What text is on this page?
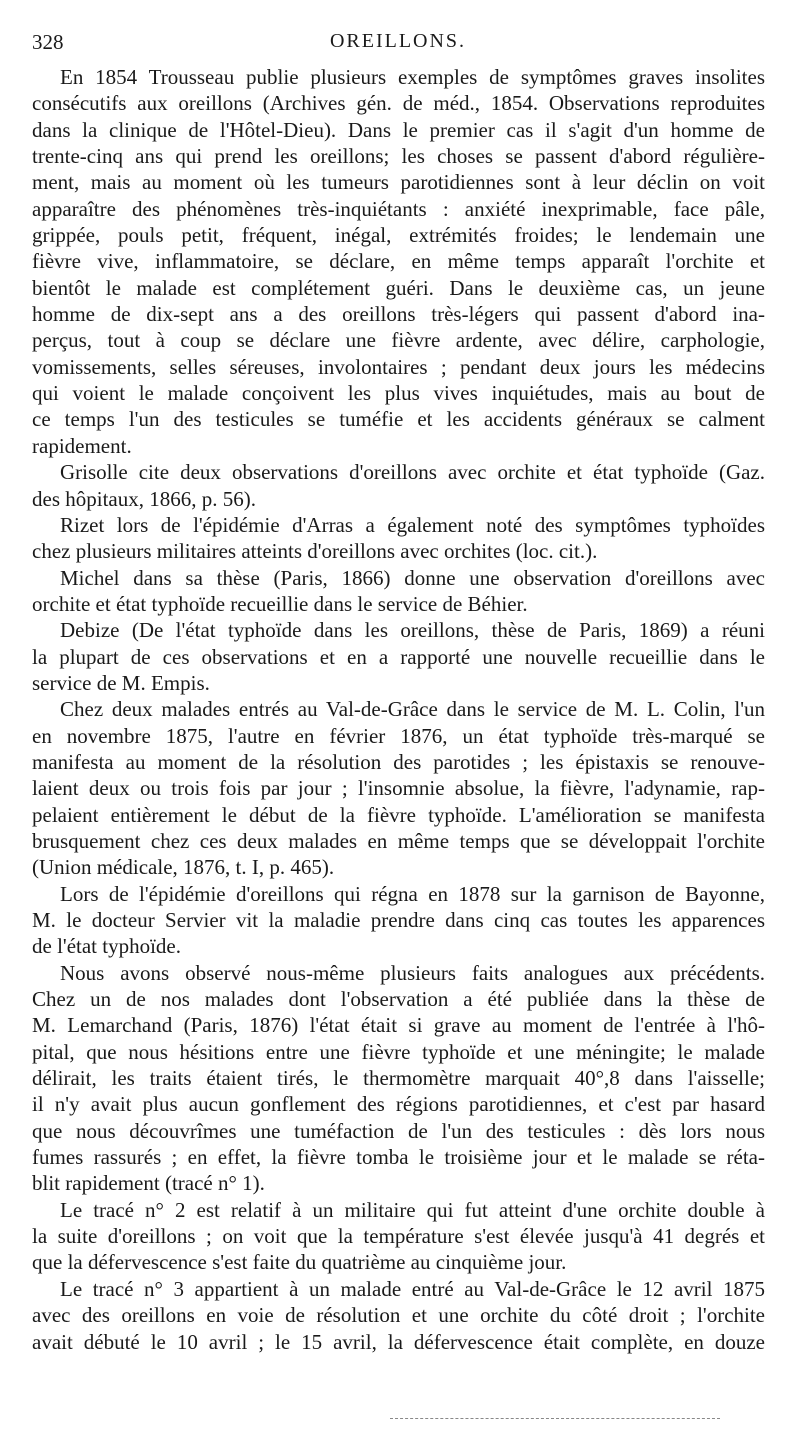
328	OREILLONS.
En 1854 Trousseau publie plusieurs exemples de symptômes graves insolites
consécutifs aux oreillons (Archives gén. de méd., 1854. Observations reproduites
dans la clinique de l'Hôtel-Dieu). Dans le premier cas il s'agit d'un homme de
trente-cinq ans qui prend les oreillons; les choses se passent d'abord régulière-
ment, mais au moment où les tumeurs parotidiennes sont à leur déclin on voit
apparaître des phénomènes très-inquiétants : anxiété inexprimable, face pâle,
grippée, pouls petit, fréquent, inégal, extrémités froides; le lendemain une
fièvre vive, inflammatoire, se déclare, en même temps apparaît l'orchite et
bientôt le malade est complétement guéri. Dans le deuxième cas, un jeune
homme de dix-sept ans a des oreillons très-légers qui passent d'abord ina-
perçus, tout à coup se déclare une fièvre ardente, avec délire, carphologie,
vomissements, selles séreuses, involontaires ; pendant deux jours les médecins
qui voient le malade conçoivent les plus vives inquiétudes, mais au bout de
ce temps l'un des testicules se tuméfie et les accidents généraux se calment
rapidement.
Grisolle cite deux observations d'oreillons avec orchite et état typhoïde (Gaz.
des hôpitaux, 1866, p. 56).
Rizet lors de l'épidémie d'Arras a également noté des symptômes typhoïdes
chez plusieurs militaires atteints d'oreillons avec orchites (loc. cit.).
Michel dans sa thèse (Paris, 1866) donne une observation d'oreillons avec
orchite et état typhoïde recueillie dans le service de Béhier.
Debize (De l'état typhoïde dans les oreillons, thèse de Paris, 1869) a réuni
la plupart de ces observations et en a rapporté une nouvelle recueillie dans le
service de M. Empis.
Chez deux malades entrés au Val-de-Grâce dans le service de M. L. Colin, l'un
en novembre 1875, l'autre en février 1876, un état typhoïde très-marqué se
manifesta au moment de la résolution des parotides ; les épistaxis se renouve-
laient deux ou trois fois par jour ; l'insomnie absolue, la fièvre, l'adynamie, rap-
pelaient entièrement le début de la fièvre typhoïde. L'amélioration se manifesta
brusquement chez ces deux malades en même temps que se développait l'orchite
(Union médicale, 1876, t. I, p. 465).
Lors de l'épidémie d'oreillons qui régna en 1878 sur la garnison de Bayonne,
M. le docteur Servier vit la maladie prendre dans cinq cas toutes les apparences
de l'état typhoïde.
Nous avons observé nous-même plusieurs faits analogues aux précédents.
Chez un de nos malades dont l'observation a été publiée dans la thèse de
M. Lemarchand (Paris, 1876) l'état était si grave au moment de l'entrée à l'hô-
pital, que nous hésitions entre une fièvre typhoïde et une méningite; le malade
délirait, les traits étaient tirés, le thermomètre marquait 40°,8 dans l'aisselle;
il n'y avait plus aucun gonflement des régions parotidiennes, et c'est par hasard
que nous découvrîmes une tuméfaction de l'un des testicules : dès lors nous
fumes rassurés ; en effet, la fièvre tomba le troisième jour et le malade se réta-
blit rapidement (tracé n° 1).
Le tracé n° 2 est relatif à un militaire qui fut atteint d'une orchite double à
la suite d'oreillons ; on voit que la température s'est élevée jusqu'à 41 degrés et
que la défervescence s'est faite du quatrième au cinquième jour.
Le tracé n° 3 appartient à un malade entré au Val-de-Grâce le 12 avril 1875
avec des oreillons en voie de résolution et une orchite du côté droit ; l'orchite
avait débuté le 10 avril ; le 15 avril, la défervescence était complète, en douze
